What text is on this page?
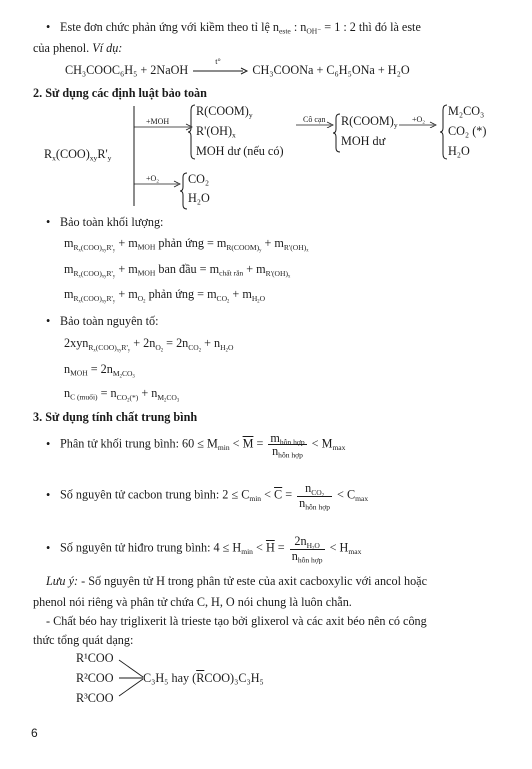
• Este đơn chức phản ứng với kiềm theo tỉ lệ $n_{este}$ : $n_{OH^-} = 1$ : 2 thì đó là este
của phenol. Ví dụ:
CH₃COOC₆H₅ + 2NaOH
t°
CH₃COONa + C₆H₅ONa + H₂O
2. Sử dụng các định luật bảo toàn
$R_x(COO)_{xy}R'_y$
+MOH
+O₂
$R(COOM)_y$
$R'(OH)_x$
MOH dư (nếu có)
Cô cạn $R(COOM)_y$
MOH dư
+O₂
M₂CO₃
CO₂ (*)
H₂O
CO₂
H₂O
• Bảo toàn khối lượng:
$m_{R_x(COO)_{xy}R'_y} + m_{MOH}$ phản ứng = $m_{R(COOM)_y} + m_{R'(OH)_x}$
$m_{R_x(COO)_{xy}R'_y} + m_{MOH}$ ban đầu = $m_{chất rắn} + m_{R'(OH)_x}$
$m_{R_x(COO)_{xy}R'_y} + m_{O_2}$ phản ứng = $m_{CO_2} + m_{H_2O}$
• Bảo toàn nguyên tố:
$2xyn_{R_x(COO)_{xy}R'_y} + 2n_{O_2} = 2n_{CO_2} + n_{H_2O}$
$n_{MOH} = 2n_{M_2CO_3}$
$n_{C (muối)} = n_{CO_2(*)} + n_{M_2CO_3}$
3. Sử dụng tính chất trung bình
• Phân tử khối trung bình: $60 \le M_{min} < \overline{M} = \frac{m_{hỗn hợp}}{n_{hỗn hợp}} < M_{max}$
• Số nguyên tử cacbon trung bình: $2 \le C_{min} < \overline{C} = \frac{n_{CO_2}}{n_{hỗn hợp}} < C_{max}$
• Số nguyên tử hiđro trung bình: $4 \le H_{min} < \overline{H} = \frac{2n_{H_2O}}{n_{hỗn hợp}} < H_{max}$
Lưu ý: - Số nguyên tử H trong phân tử este của axit cacboxylic với ancol hoặc
phenol nói riêng và phân tử chứa C, H, O nói chung là luôn chẵn.
- Chất béo hay triglixerit là trieste tạo bởi glixerol và các axit béo nên có công
thức tổng quát dạng:
R¹COO
R²COO C₃H₅ hay $(\overline{R}COO)_3C_3H_5$
R³COO
6
